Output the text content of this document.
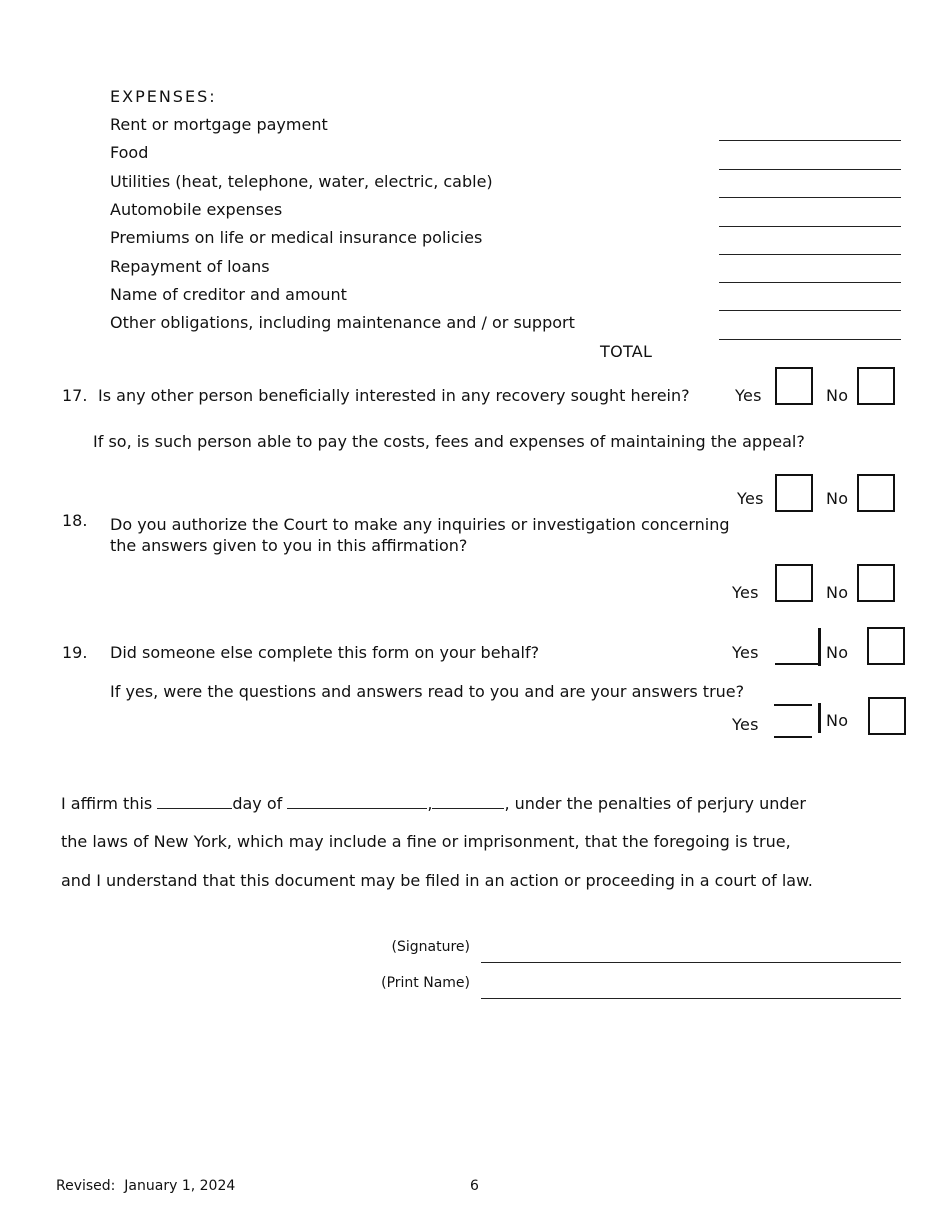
EXPENSES:
Rent or mortgage payment
Food
Utilities (heat, telephone, water, electric, cable)
Automobile expenses
Premiums on life or medical insurance policies
Repayment of loans
Name of creditor and amount
Other obligations, including maintenance and / or support
TOTAL
17. Is any other person beneficially interested in any recovery sought herein?	Yes	No
If so, is such person able to pay the costs, fees and expenses of maintaining the appeal?
Yes	No
18. Do you authorize the Court to make any inquiries or investigation concerning
the answers given to you in this affirmation?
Yes	No
19. Did someone else complete this form on your behalf?	Yes	No
If yes, were the questions and answers read to you and are your answers true?
Yes	No
I affirm this	day of	,	, under the penalties of perjury under
the laws of New York, which may include a fine or imprisonment, that the foregoing is true,
and I understand that this document may be filed in an action or proceeding in a court of law.
(Signature)
(Print Name)
Revised:  January 1, 2024	6
